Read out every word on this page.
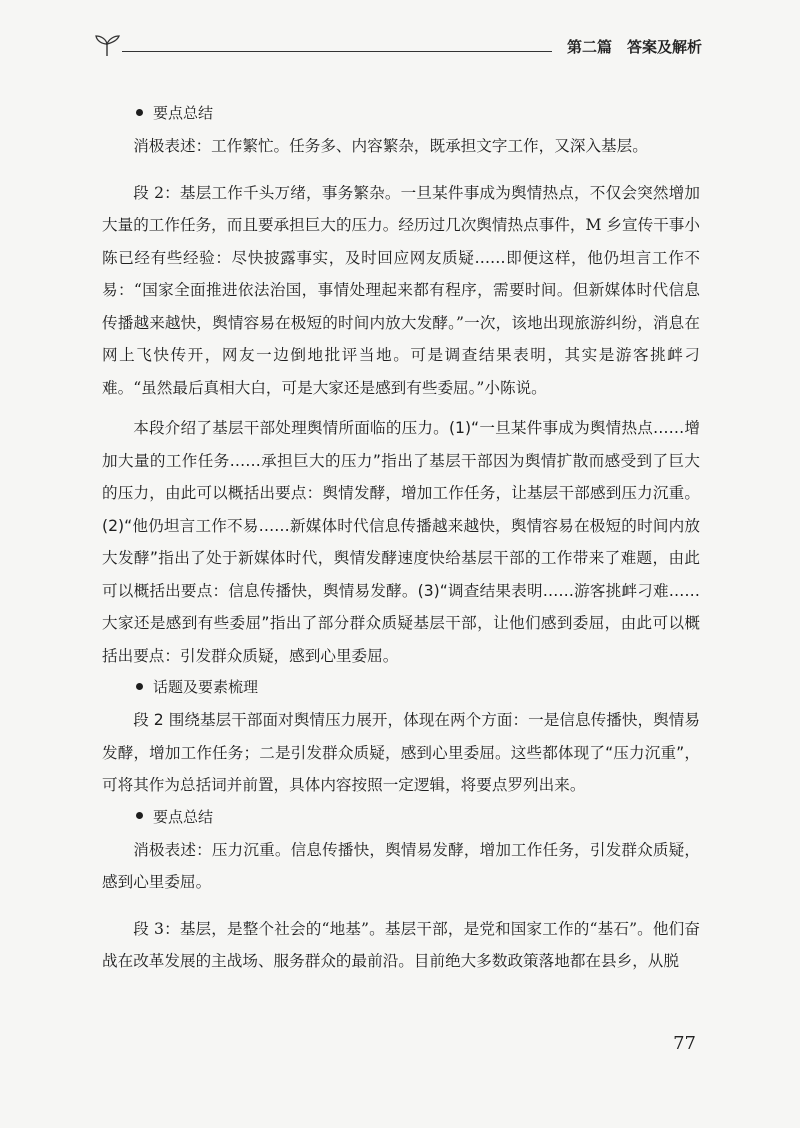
第二篇　答案及解析

要点总结

消极表述：工作繁忙。任务多、内容繁杂，既承担文字工作，又深入基层。

段 2：基层工作千头万绪，事务繁杂。一旦某件事成为舆情热点，不仅会突然增加大量的工作任务，而且要承担巨大的压力。经历过几次舆情热点事件，M 乡宣传干事小陈已经有些经验：尽快披露事实，及时回应网友质疑……即便这样，他仍坦言工作不易：“国家全面推进依法治国，事情处理起来都有程序，需要时间。但新媒体时代信息传播越来越快，舆情容易在极短的时间内放大发酵。”一次，该地出现旅游纠纷，消息在网上飞快传开，网友一边倒地批评当地。可是调查结果表明，其实是游客挑衅刁难。“虽然最后真相大白，可是大家还是感到有些委屈。”小陈说。

本段介绍了基层干部处理舆情所面临的压力。(1)“一旦某件事成为舆情热点……增加大量的工作任务……承担巨大的压力”指出了基层干部因为舆情扩散而感受到了巨大的压力，由此可以概括出要点：舆情发酵，增加工作任务，让基层干部感到压力沉重。(2)“他仍坦言工作不易……新媒体时代信息传播越来越快，舆情容易在极短的时间内放大发酵”指出了处于新媒体时代，舆情发酵速度快给基层干部的工作带来了难题，由此可以概括出要点：信息传播快，舆情易发酵。(3)“调查结果表明……游客挑衅刁难……大家还是感到有些委屈”指出了部分群众质疑基层干部，让他们感到委屈，由此可以概括出要点：引发群众质疑，感到心里委屈。

话题及要素梳理

段 2 围绕基层干部面对舆情压力展开，体现在两个方面：一是信息传播快，舆情易发酵，增加工作任务；二是引发群众质疑，感到心里委屈。这些都体现了“压力沉重”，可将其作为总括词并前置，具体内容按照一定逻辑，将要点罗列出来。

要点总结

消极表述：压力沉重。信息传播快，舆情易发酵，增加工作任务，引发群众质疑，感到心里委屈。

段 3：基层，是整个社会的“地基”。基层干部，是党和国家工作的“基石”。他们奋战在改革发展的主战场、服务群众的最前沿。目前绝大多数政策落地都在县乡，从脱

77
